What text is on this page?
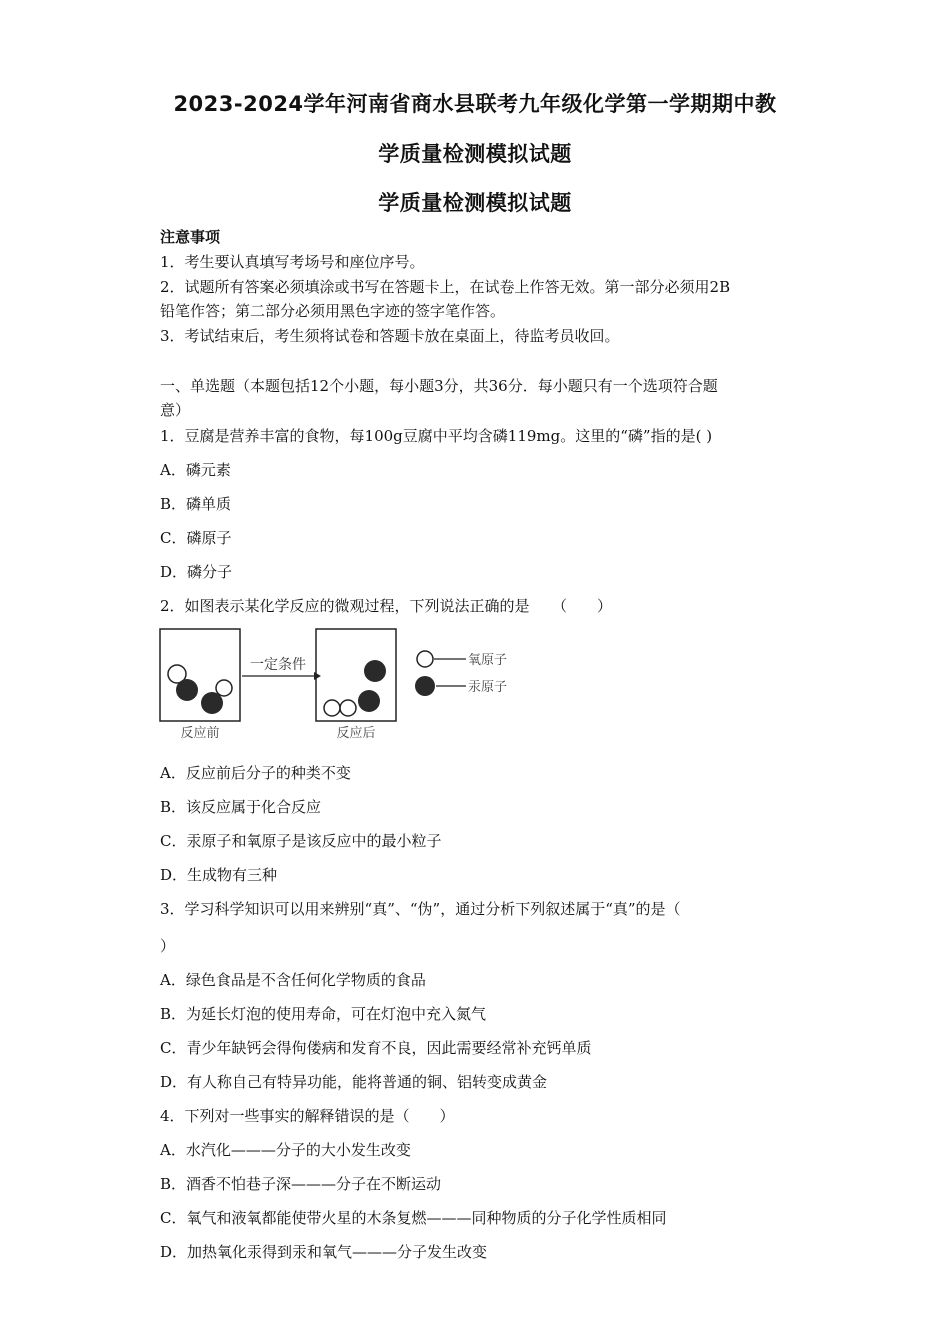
2023-2024学年河南省商水县联考九年级化学第一学期期中教
学质量检测模拟试题
学质量检测模拟试题
注意事项
1．考生要认真填写考场号和座位序号。
2．试题所有答案必须填涂或书写在答题卡上，在试卷上作答无效。第一部分必须用2B
铅笔作答；第二部分必须用黑色字迹的签字笔作答。
3．考试结束后，考生须将试卷和答题卡放在桌面上，待监考员收回。
一、单选题（本题包括12个小题，每小题3分，共36分．每小题只有一个选项符合题
意）
1．豆腐是营养丰富的食物，每100g豆腐中平均含磷119mg。这里的“磷”指的是( )
A．磷元素
B．磷单质
C．磷原子
D．磷分子
2．如图表示某化学反应的微观过程，下列说法正确的是　　（　　）
一定条件
反应前	反应后
氧原子
汞原子
A．反应前后分子的种类不变
B．该反应属于化合反应
C．汞原子和氧原子是该反应中的最小粒子
D．生成物有三种
3．学习科学知识可以用来辨别“真”、“伪”，通过分析下列叙述属于“真”的是（
）
A．绿色食品是不含任何化学物质的食品
B．为延长灯泡的使用寿命，可在灯泡中充入氮气
C．青少年缺钙会得佝偻病和发育不良，因此需要经常补充钙单质
D．有人称自己有特异功能，能将普通的铜、铝转变成黄金
4．下列对一些事实的解释错误的是（　　）
A．水汽化———分子的大小发生改变
B．酒香不怕巷子深———分子在不断运动
C．氧气和液氧都能使带火星的木条复燃———同种物质的分子化学性质相同
D．加热氧化汞得到汞和氧气———分子发生改变
